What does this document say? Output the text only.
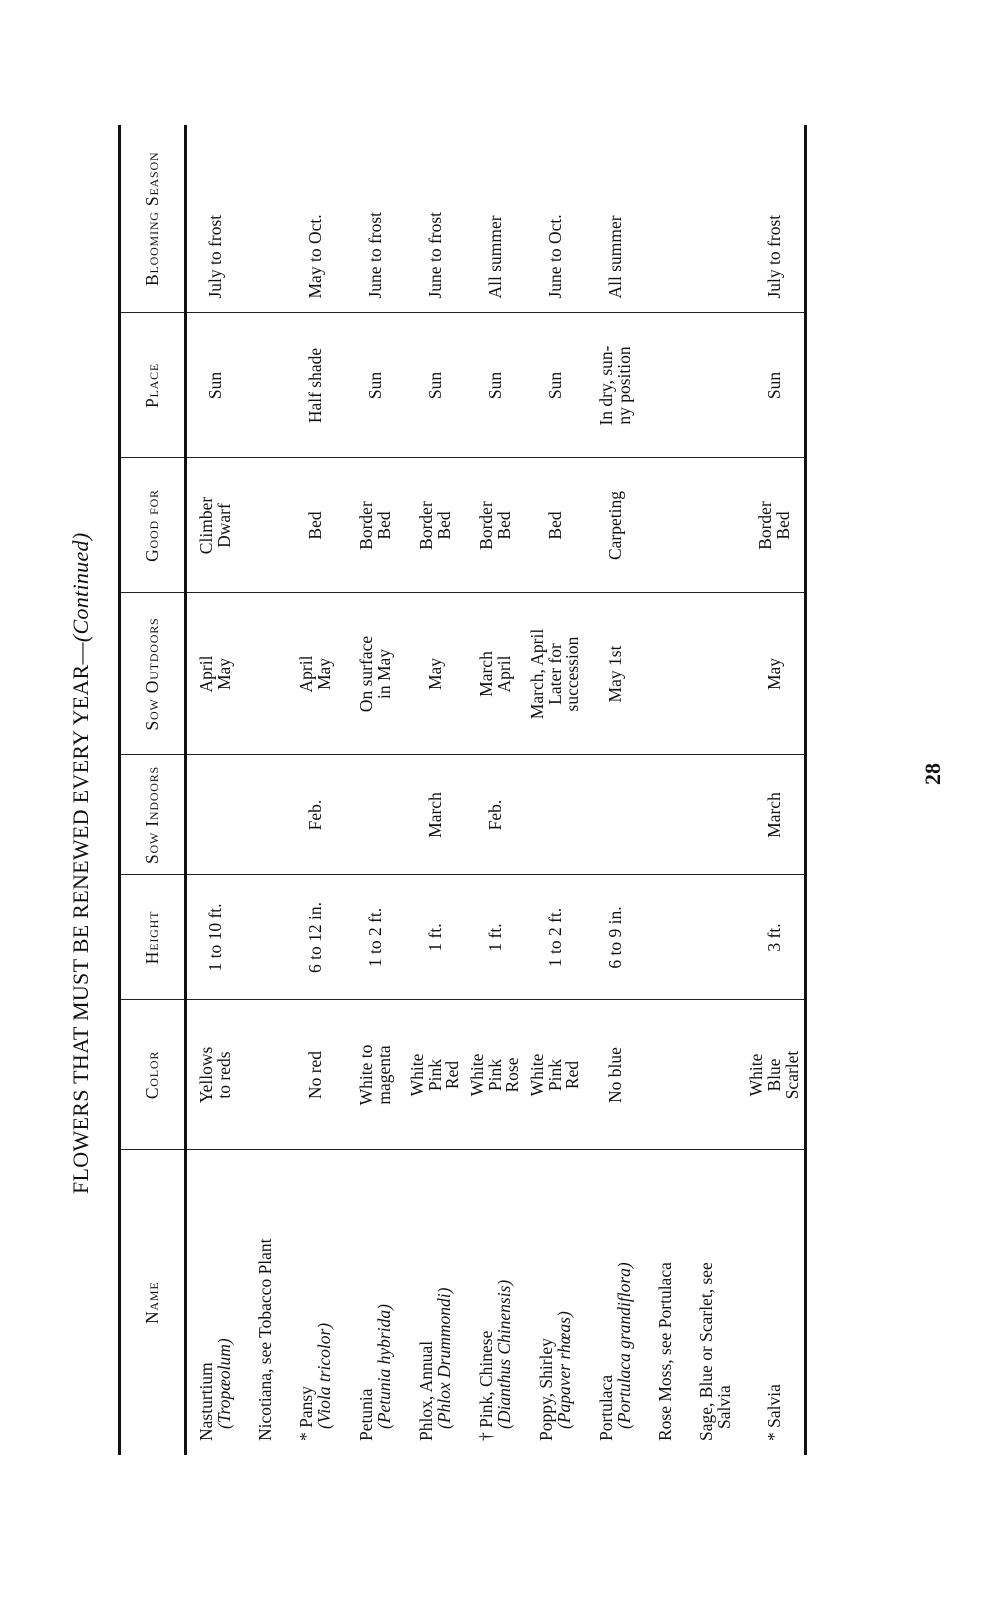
FLOWERS THAT MUST BE RENEWED EVERY YEAR—(Continued)
Name	Color	Height	Sow Indoors	Sow Outdoors	Good for	Place	Blooming Season

Nasturtium
(Tropæolum)	Yellows
to reds	1 to 10 ft.		April
May	Climber
Dwarf	Sun	July to frost

Nicotiana, see Tobacco Plant							

* Pansy
(Viola tricolor)	No red	6 to 12 in.	Feb.	April
May	Bed	Half shade	May to Oct.

Petunia
(Petunia hybrida)	White to
magenta	1 to 2 ft.		On surface
in May	Border
Bed	Sun	June to frost

Phlox, Annual
(Phlox Drummondi)	White
Pink
Red	1 ft.	March	May	Border
Bed	Sun	June to frost

† Pink, Chinese
(Dianthus Chinensis)	White
Pink
Rose	1 ft.	Feb.	March
April	Border
Bed	Sun	All summer

Poppy, Shirley
(Papaver rhœas)	White
Pink
Red	1 to 2 ft.		March, April
Later for
succession	Bed	Sun	June to Oct.

Portulaca
(Portulaca grandiflora)	No blue	6 to 9 in.		May 1st	Carpeting	In dry, sun-
ny position	All summer

Rose Moss, see Portulaca							

Sage, Blue or Scarlet, see
Salvia							

* Salvia	White
Blue
Scarlet	3 ft.	March	May	Border
Bed	Sun	July to frost
28
